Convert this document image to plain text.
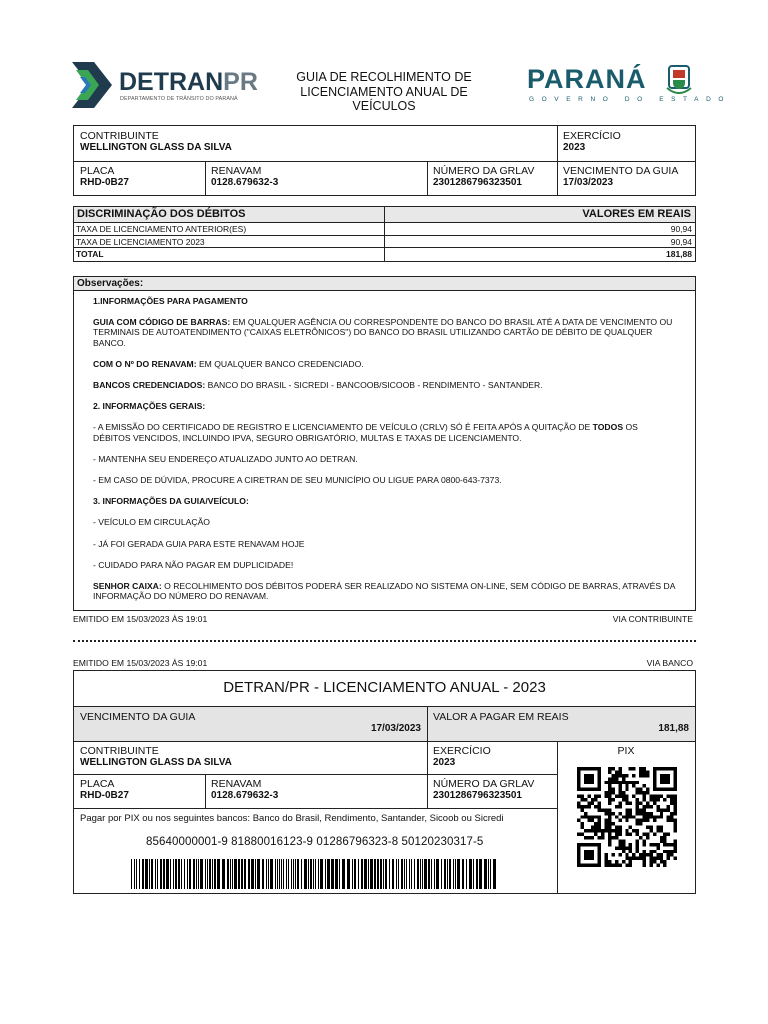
DETRANPR
DEPARTAMENTO DE TRÂNSITO DO PARANÁ
GUIA DE RECOLHIMENTO DE
LICENCIAMENTO ANUAL DE
VEÍCULOS
PARANÁ
GOVERNO DO ESTADO
CONTRIBUINTE
WELLINGTON GLASS DA SILVA
EXERCÍCIO
2023
PLACA
RHD-0B27
RENAVAM
0128.679632-3
NÚMERO DA GRLAV
2301286796323501
VENCIMENTO DA GUIA
17/03/2023
DISCRIMINAÇÃO DOS DÉBITOS	VALORES EM REAIS
TAXA DE LICENCIAMENTO ANTERIOR(ES)	90,94
TAXA DE LICENCIAMENTO 2023	90,94
TOTAL	181,88
Observações:

1.INFORMAÇÕES PARA PAGAMENTO

GUIA COM CÓDIGO DE BARRAS: EM QUALQUER AGÊNCIA OU CORRESPONDENTE DO BANCO DO BRASIL ATÉ A DATA DE VENCIMENTO OU TERMINAIS DE AUTOATENDIMENTO ("CAIXAS ELETRÔNICOS") DO BANCO DO BRASIL UTILIZANDO CARTÃO DE DÉBITO DE QUALQUER BANCO.

COM O Nº DO RENAVAM: EM QUALQUER BANCO CREDENCIADO.

BANCOS CREDENCIADOS: BANCO DO BRASIL - SICREDI - BANCOOB/SICOOB - RENDIMENTO - SANTANDER.

2. INFORMAÇÕES GERAIS:

- A EMISSÃO DO CERTIFICADO DE REGISTRO E LICENCIAMENTO DE VEÍCULO (CRLV) SÓ É FEITA APÓS A QUITAÇÃO DE TODOS OS DÉBITOS VENCIDOS, INCLUINDO IPVA, SEGURO OBRIGATÓRIO, MULTAS E TAXAS DE LICENCIAMENTO.

- MANTENHA SEU ENDEREÇO ATUALIZADO JUNTO AO DETRAN.

- EM CASO DE DÚVIDA, PROCURE A CIRETRAN DE SEU MUNICÍPIO OU LIGUE PARA 0800-643-7373.

3. INFORMAÇÕES DA GUIA/VEÍCULO:

- VEÍCULO EM CIRCULAÇÃO

- JÁ FOI GERADA GUIA PARA ESTE RENAVAM HOJE

- CUIDADO PARA NÃO PAGAR EM DUPLICIDADE!

SENHOR CAIXA: O RECOLHIMENTO DOS DÉBITOS PODERÁ SER REALIZADO NO SISTEMA ON-LINE, SEM CÓDIGO DE BARRAS, ATRAVÉS DA INFORMAÇÃO DO NÚMERO DO RENAVAM.

EMITIDO EM 15/03/2023 ÀS 19:01	VIA CONTRIBUINTE
EMITIDO EM 15/03/2023 ÀS 19:01	VIA BANCO
DETRAN/PR - LICENCIAMENTO ANUAL - 2023
VENCIMENTO DA GUIA
17/03/2023
VALOR A PAGAR EM REAIS
181,88
CONTRIBUINTE
WELLINGTON GLASS DA SILVA
EXERCÍCIO
2023
PIX
PLACA
RHD-0B27
RENAVAM
0128.679632-3
NÚMERO DA GRLAV
2301286796323501
Pagar por PIX ou nos seguintes bancos: Banco do Brasil, Rendimento, Santander, Sicoob ou Sicredi
85640000001-9 81880016123-9 01286796323-8 50120230317-5
